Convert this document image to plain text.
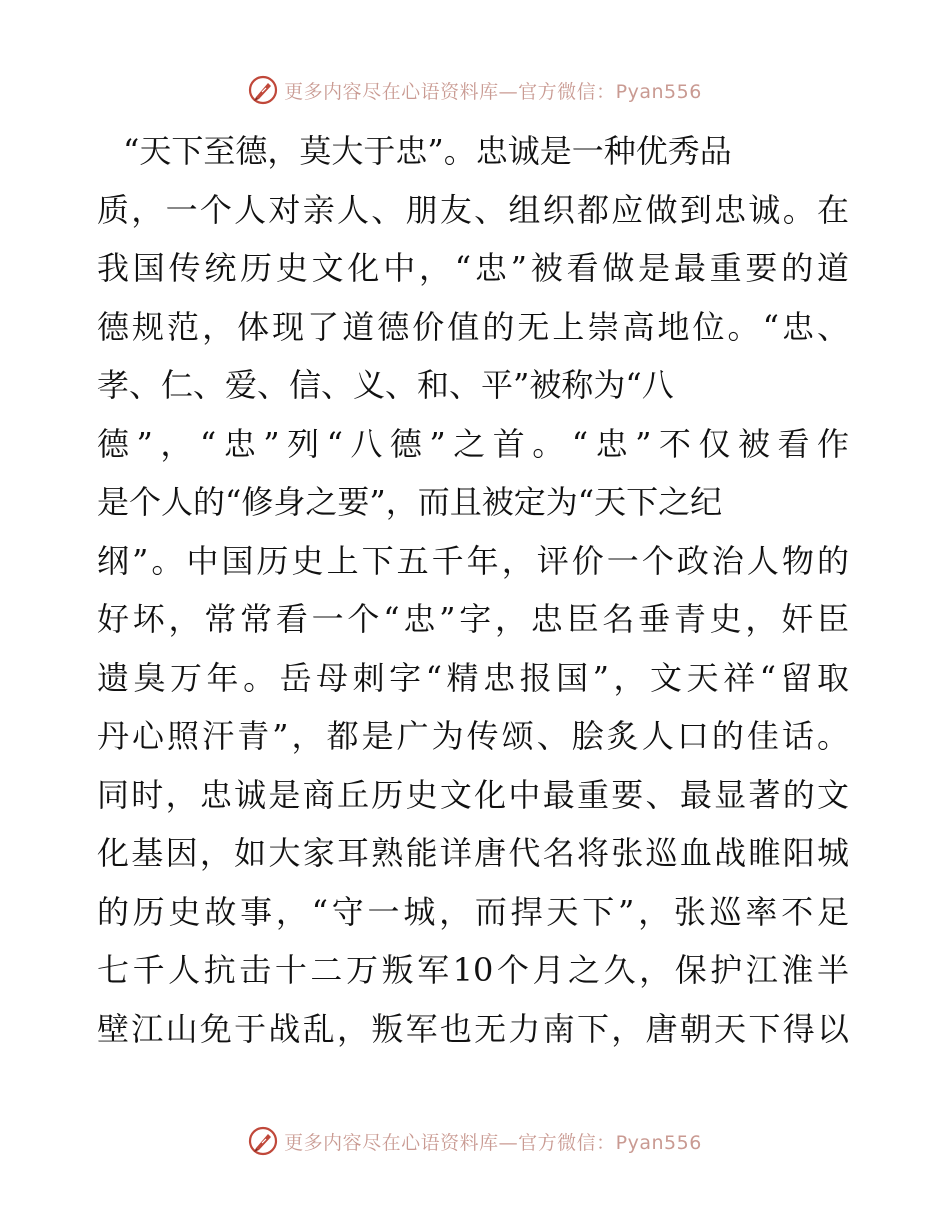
更多内容尽在心语资料库—官方微信：Pyan556
“天下至德，莫大于忠”。忠诚是一种优秀品
质，一个人对亲人、朋友、组织都应做到忠诚。在
我国传统历史文化中，“忠”被看做是最重要的道
德规范，体现了道德价值的无上崇高地位。“忠、
孝、仁、爱、信、义、和、平”被称为“八
德”，“忠”列“八德”之首。“忠”不仅被看作
是个人的“修身之要”，而且被定为“天下之纪
纲”。中国历史上下五千年，评价一个政治人物的
好坏，常常看一个“忠”字，忠臣名垂青史，奸臣
遗臭万年。岳母刺字“精忠报国”，文天祥“留取
丹心照汗青”，都是广为传颂、脍炙人口的佳话。
同时，忠诚是商丘历史文化中最重要、最显著的文
化基因，如大家耳熟能详唐代名将张巡血战睢阳城
的历史故事，“守一城，而捍天下”，张巡率不足
七千人抗击十二万叛军10个月之久，保护江淮半
壁江山免于战乱，叛军也无力南下，唐朝天下得以
更多内容尽在心语资料库—官方微信：Pyan556
